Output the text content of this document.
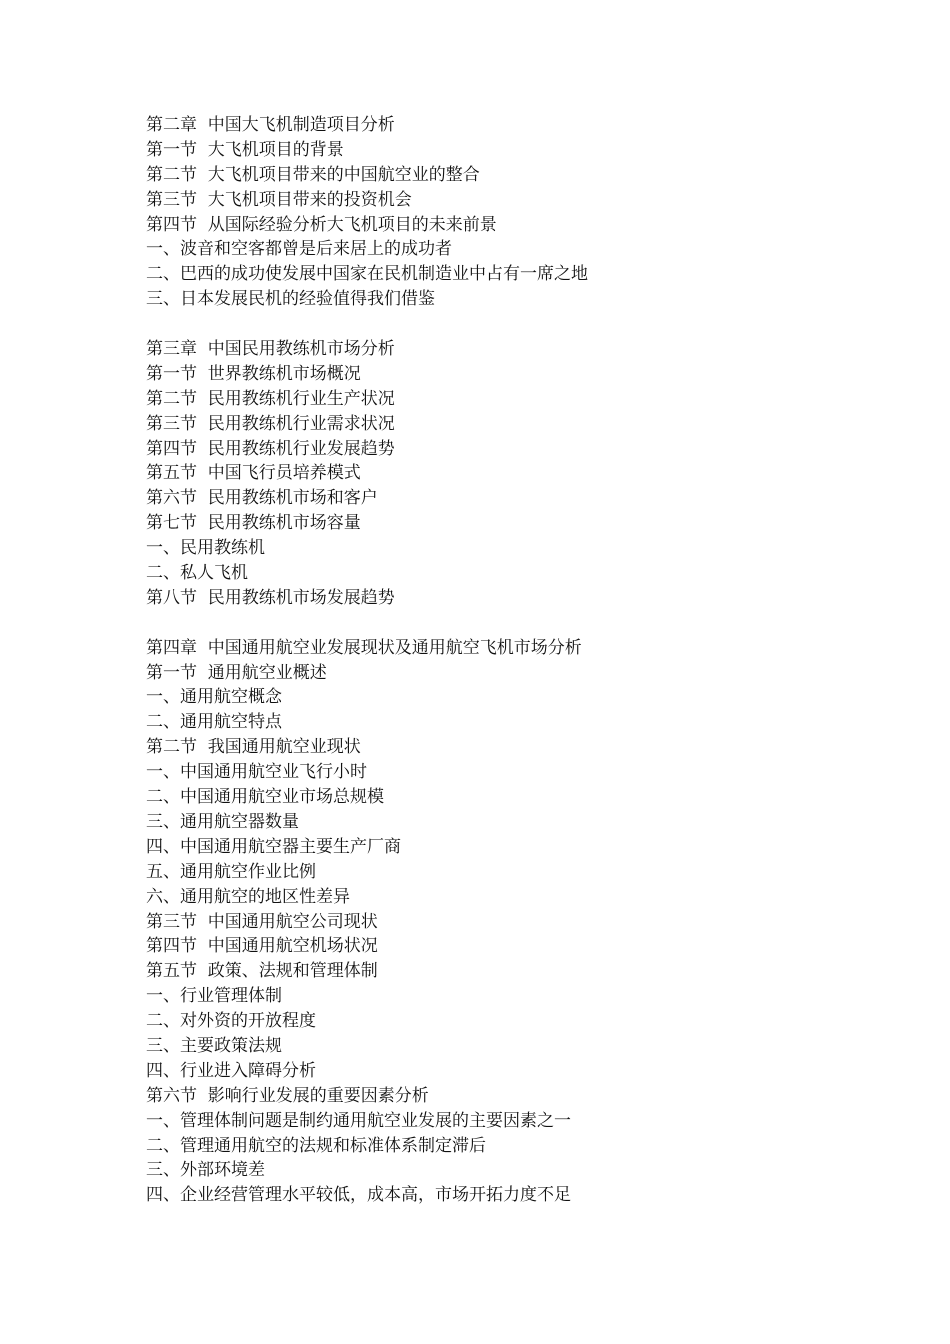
第二章  中国大飞机制造项目分析
第一节  大飞机项目的背景
第二节  大飞机项目带来的中国航空业的整合
第三节  大飞机项目带来的投资机会
第四节  从国际经验分析大飞机项目的未来前景
一、波音和空客都曾是后来居上的成功者
二、巴西的成功使发展中国家在民机制造业中占有一席之地
三、日本发展民机的经验值得我们借鉴
第三章  中国民用教练机市场分析
第一节  世界教练机市场概况
第二节  民用教练机行业生产状况
第三节  民用教练机行业需求状况
第四节  民用教练机行业发展趋势
第五节  中国飞行员培养模式
第六节  民用教练机市场和客户
第七节  民用教练机市场容量
一、民用教练机
二、私人飞机
第八节  民用教练机市场发展趋势
第四章  中国通用航空业发展现状及通用航空飞机市场分析
第一节  通用航空业概述
一、通用航空概念
二、通用航空特点
第二节  我国通用航空业现状
一、中国通用航空业飞行小时
二、中国通用航空业市场总规模
三、通用航空器数量
四、中国通用航空器主要生产厂商
五、通用航空作业比例
六、通用航空的地区性差异
第三节  中国通用航空公司现状
第四节  中国通用航空机场状况
第五节  政策、法规和管理体制
一、行业管理体制
二、对外资的开放程度
三、主要政策法规
四、行业进入障碍分析
第六节  影响行业发展的重要因素分析
一、管理体制问题是制约通用航空业发展的主要因素之一
二、管理通用航空的法规和标准体系制定滞后
三、外部环境差
四、企业经营管理水平较低，成本高，市场开拓力度不足
